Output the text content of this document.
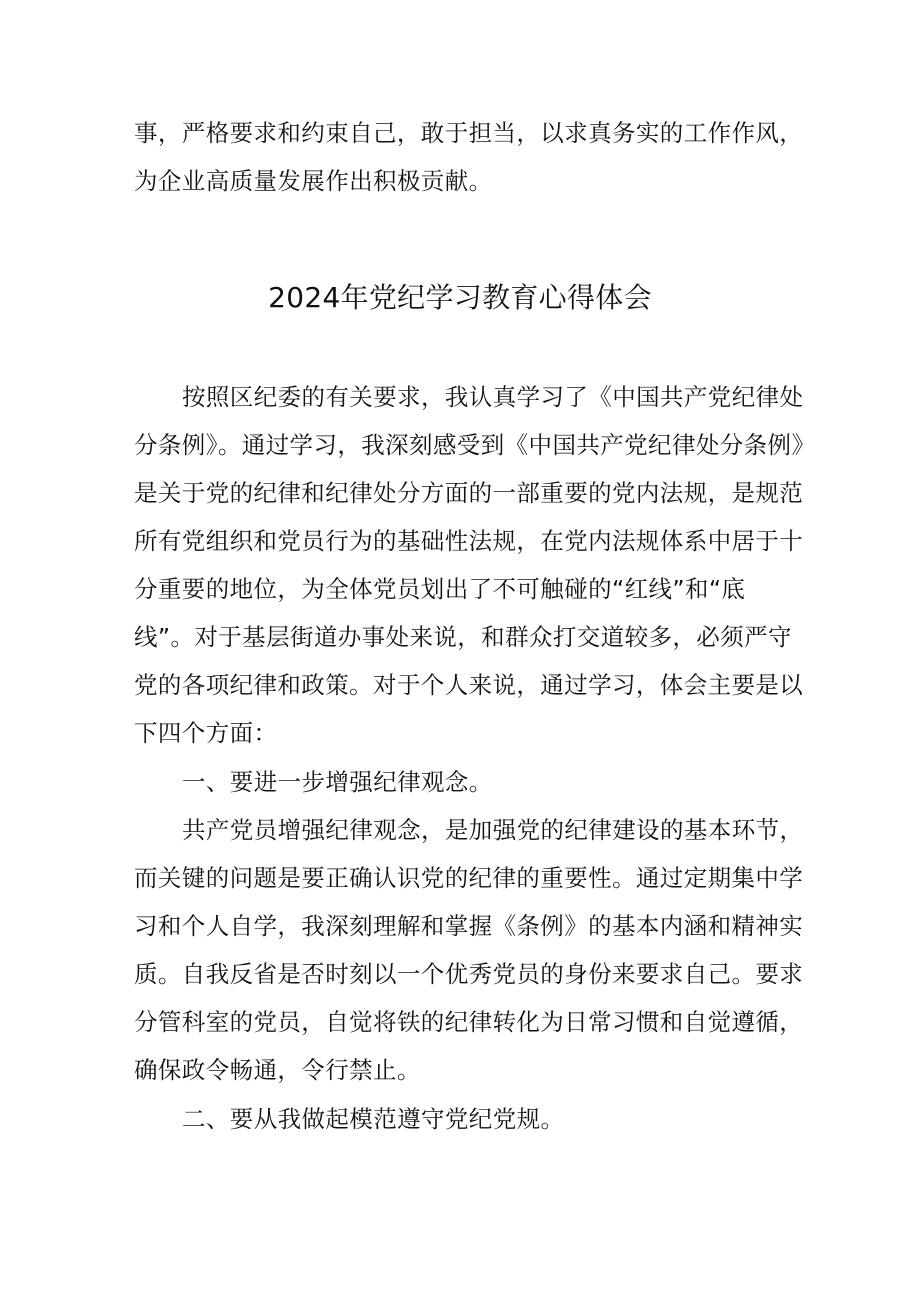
事，严格要求和约束自己，敢于担当，以求真务实的工作作风，
为企业高质量发展作出积极贡献。
2024年党纪学习教育心得体会
按照区纪委的有关要求，我认真学习了《中国共产党纪律处
分条例》。通过学习，我深刻感受到《中国共产党纪律处分条例》
是关于党的纪律和纪律处分方面的一部重要的党内法规，是规范
所有党组织和党员行为的基础性法规，在党内法规体系中居于十
分重要的地位，为全体党员划出了不可触碰的“红线”和“底
线”。对于基层街道办事处来说，和群众打交道较多，必须严守
党的各项纪律和政策。对于个人来说，通过学习，体会主要是以
下四个方面：
一、要进一步增强纪律观念。
共产党员增强纪律观念，是加强党的纪律建设的基本环节，
而关键的问题是要正确认识党的纪律的重要性。通过定期集中学
习和个人自学，我深刻理解和掌握《条例》的基本内涵和精神实
质。自我反省是否时刻以一个优秀党员的身份来要求自己。要求
分管科室的党员，自觉将铁的纪律转化为日常习惯和自觉遵循，
确保政令畅通，令行禁止。
二、要从我做起模范遵守党纪党规。
